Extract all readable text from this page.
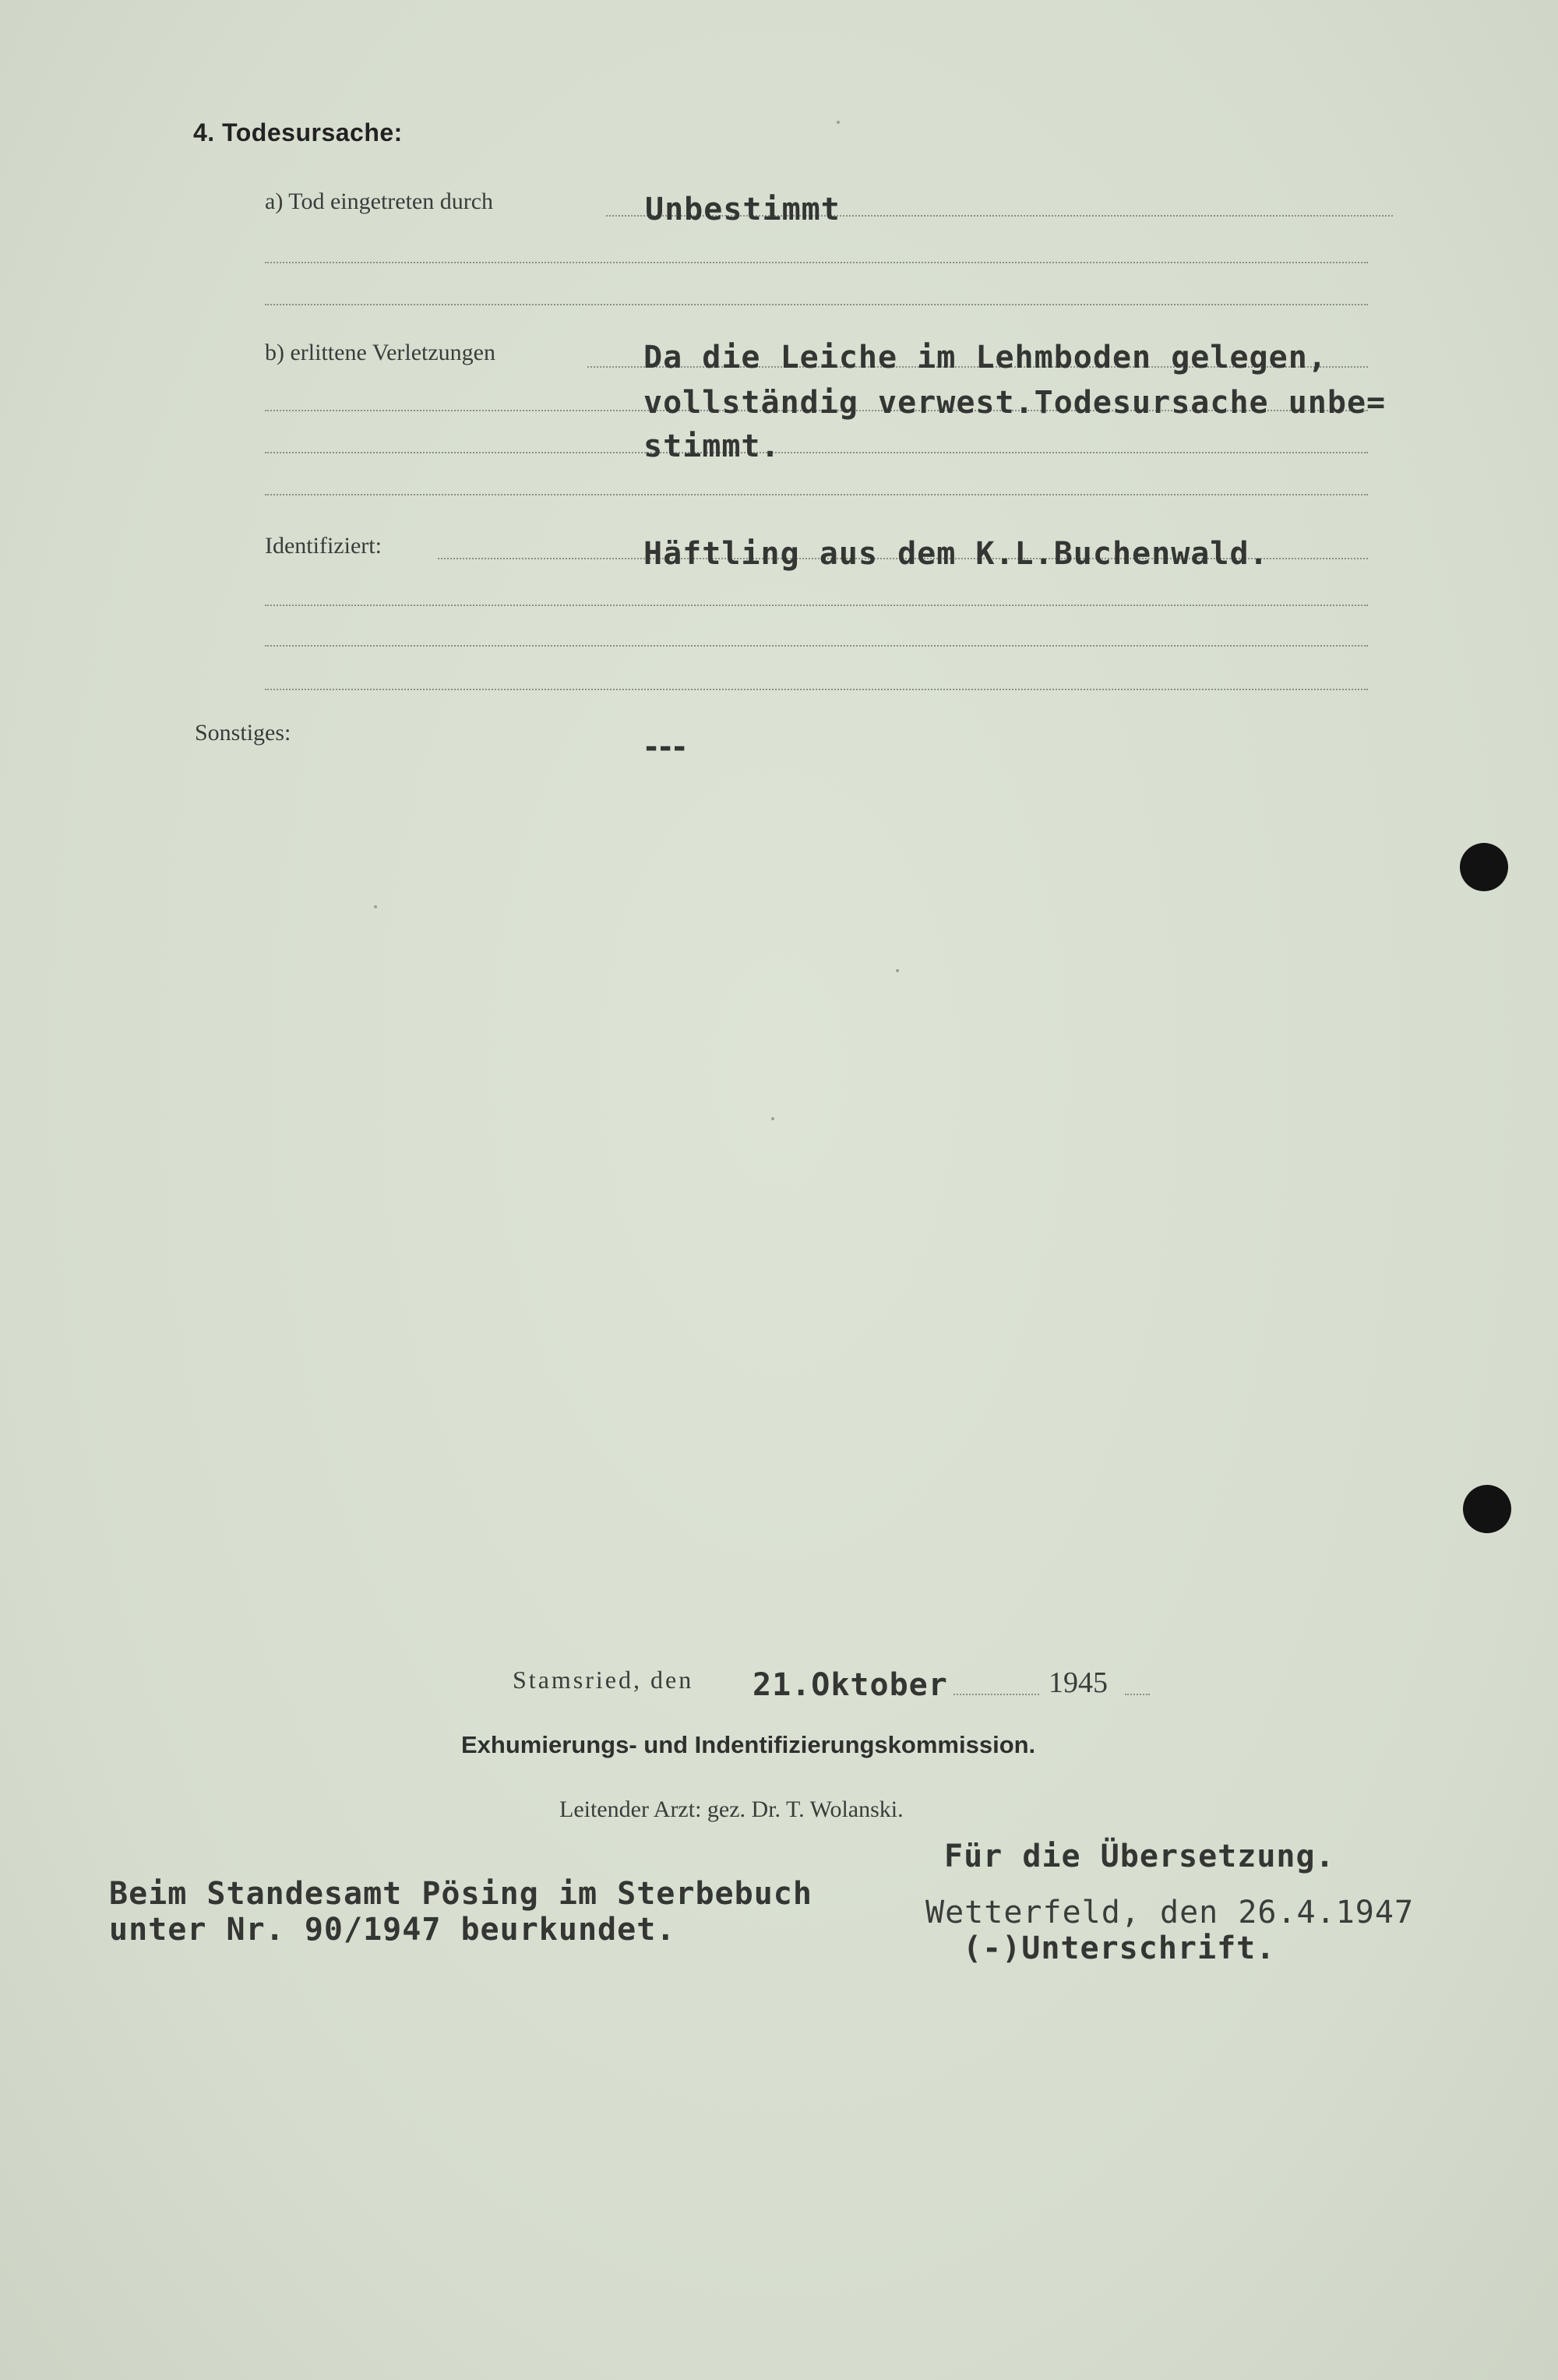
4. Todesursache:
a) Tod eingetreten durch	Unbestimmt
b) erlittene Verletzungen	Da die Leiche im Lehmboden gelegen,
vollständig verwest.Todesursache unbe=
stimmt.
Identifiziert:	Häftling aus dem K.L.Buchenwald.
Sonstiges:	---
Stamsried, den 21.Oktober	1945
Exhumierungs- und Indentifizierungskommission.
Leitender Arzt: gez. Dr. T. Wolanski.
Beim Standesamt Pösing im Sterbebuch
unter Nr. 90/1947 beurkundet.
Für die Übersetzung.
Wetterfeld, den 26.4.1947
(-)Unterschrift.
